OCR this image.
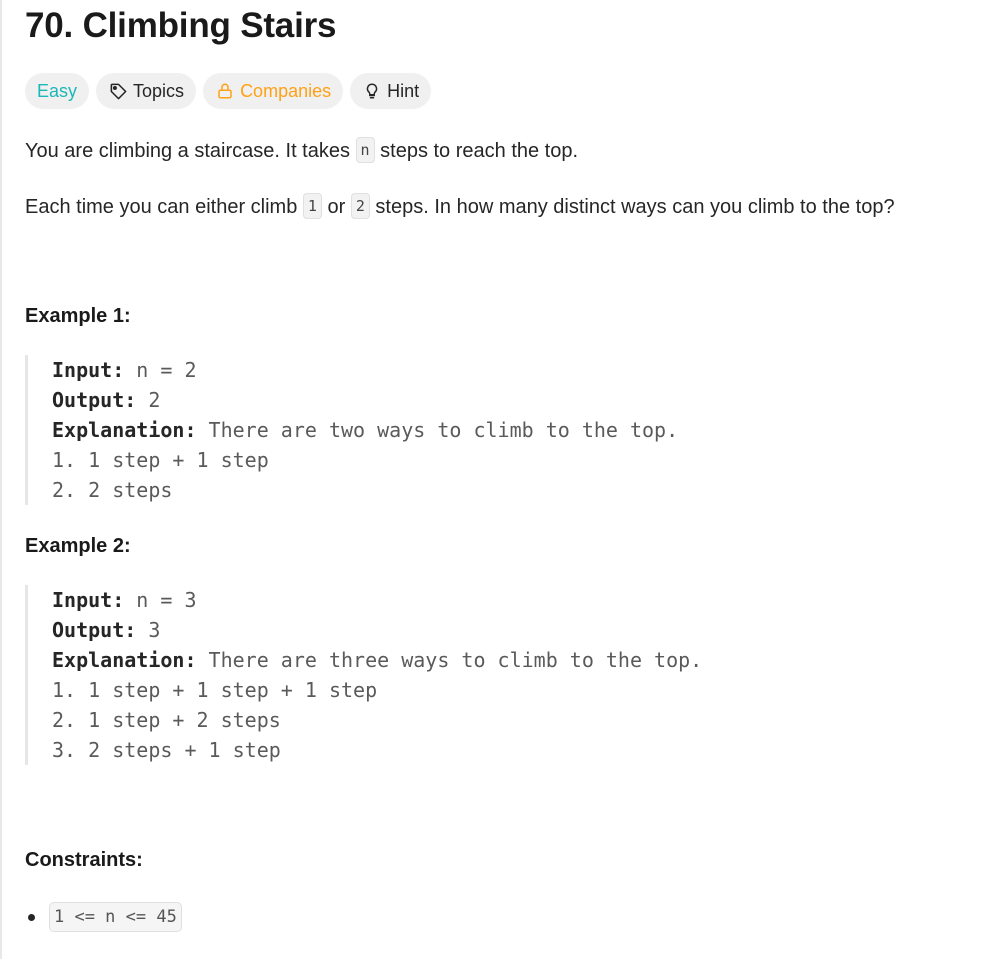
70. Climbing Stairs
Easy	Topics	Companies	Hint

You are climbing a staircase. It takes n steps to reach the top.

Each time you can either climb 1 or 2 steps. In how many distinct ways can you climb to the top?

Example 1:
Input: n = 2
Output: 2
Explanation: There are two ways to climb to the top.
1. 1 step + 1 step
2. 2 steps
Example 2:
Input: n = 3
Output: 3
Explanation: There are three ways to climb to the top.
1. 1 step + 1 step + 1 step
2. 1 step + 2 steps
3. 2 steps + 1 step
Constraints:
1 <= n <= 45
